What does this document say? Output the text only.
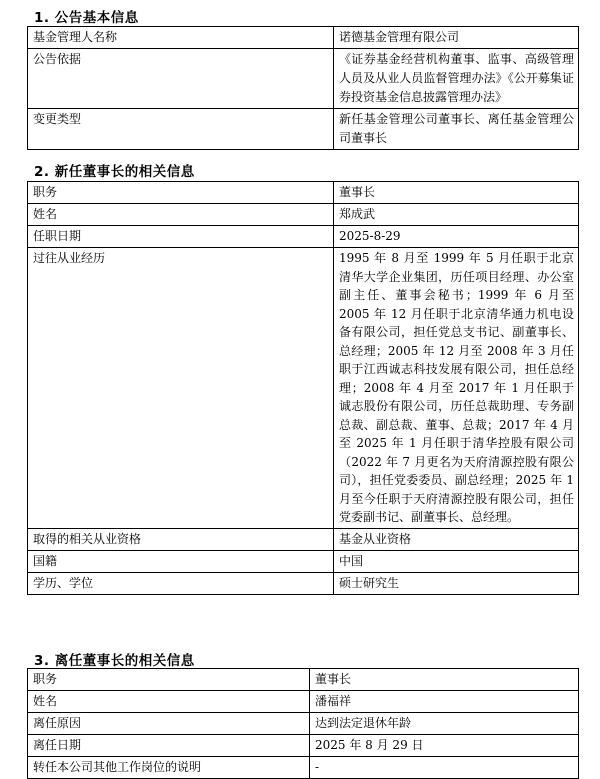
1. 公告基本信息
基金管理人名称	诺德基金管理有限公司
公告依据	《证券基金经营机构董事、监事、高级管理人员及从业人员监督管理办法》《公开募集证券投资基金信息披露管理办法》
变更类型	新任基金管理公司董事长、离任基金管理公司董事长
2. 新任董事长的相关信息
职务	董事长
姓名	郑成武
任职日期	2025-8-29
过往从业经历	1995 年 8 月至 1999 年 5 月任职于北京清华大学企业集团，历任项目经理、办公室副主任、董事会秘书；1999 年 6 月至 2005 年 12 月任职于北京清华通力机电设备有限公司，担任党总支书记、副董事长、总经理；2005 年 12 月至 2008 年 3 月任职于江西诚志科技发展有限公司，担任总经理；2008 年 4 月至 2017 年 1 月任职于诚志股份有限公司，历任总裁助理、专务副总裁、副总裁、董事、总裁；2017 年 4 月至 2025 年 1 月任职于清华控股有限公司（2022 年 7 月更名为天府清源控股有限公司），担任党委委员、副总经理；2025 年 1 月至今任职于天府清源控股有限公司，担任党委副书记、副董事长、总经理。
取得的相关从业资格	基金从业资格
国籍	中国
学历、学位	硕士研究生
3. 离任董事长的相关信息
职务	董事长
姓名	潘福祥
离任原因	达到法定退休年龄
离任日期	2025 年 8 月 29 日
转任本公司其他工作岗位的说明	-
